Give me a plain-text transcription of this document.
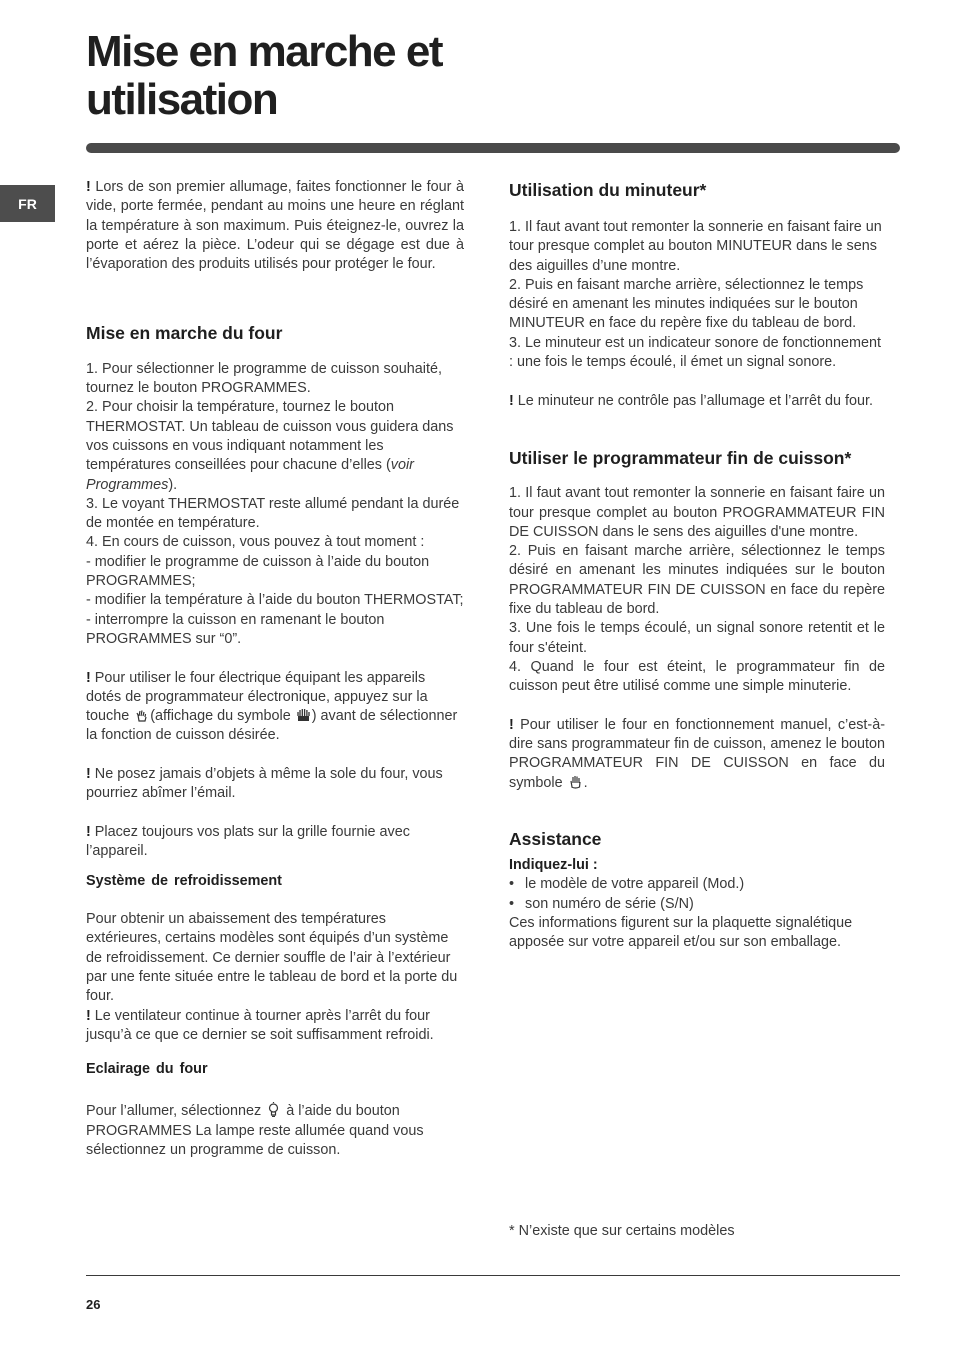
Mise en marche et
utilisation
FR

! Lors de son premier allumage, faites fonctionner le four à vide, porte fermée, pendant au moins une heure en réglant la température à son maximum. Puis éteignez-le, ouvrez la porte et aérez la pièce. L’odeur qui se dégage est due à l’évaporation des produits utilisés pour protéger le four.

Mise en marche du four

1. Pour sélectionner le programme de cuisson souhaité, tournez le bouton PROGRAMMES.

2. Pour choisir la température, tournez le bouton THERMOSTAT. Un tableau de cuisson vous guidera dans vos cuissons en vous indiquant notamment les températures conseillées pour chacune d’elles (voir Programmes).

3. Le voyant THERMOSTAT reste allumé pendant la durée de montée en température.

4. En cours de cuisson, vous pouvez à tout moment :

- modifier le programme de cuisson à l’aide du bouton PROGRAMMES;

- modifier la température à l’aide du bouton THERMOSTAT;

- interrompre la cuisson en ramenant le bouton PROGRAMMES sur “0”.

! Pour utiliser le four électrique équipant les appareils dotés de programmateur électronique, appuyez sur la touche (affichage du symbole ) avant de sélectionner la fonction de cuisson désirée.

! Ne posez jamais d’objets à même la sole du four, vous pourriez abîmer l’émail.

! Placez toujours vos plats sur la grille fournie avec l’appareil.

Système de refroidissement

Pour obtenir un abaissement des températures extérieures, certains modèles sont équipés d’un système de refroidissement. Ce dernier souffle de l’air à l’extérieur par une fente située entre le tableau de bord et la porte du four.

! Le ventilateur continue à tourner après l’arrêt du four jusqu’à ce que ce dernier se soit suffisamment refroidi.

Eclairage du four

Pour l’allumer, sélectionnez à l’aide du bouton PROGRAMMES La lampe reste allumée quand vous sélectionnez un programme de cuisson.

Utilisation du minuteur*

1. Il faut avant tout remonter la sonnerie en faisant faire un tour presque complet au bouton MINUTEUR dans le sens des aiguilles d’une montre.

2. Puis en faisant marche arrière, sélectionnez le temps désiré en amenant les minutes indiquées sur le bouton MINUTEUR en face du repère fixe du tableau de bord.

3. Le minuteur est un indicateur sonore de fonctionnement : une fois le temps écoulé, il émet un signal sonore.

! Le minuteur ne contrôle pas l’allumage et l’arrêt du four.

Utiliser le programmateur fin de cuisson*

1. Il faut avant tout remonter la sonnerie en faisant faire un tour presque complet au bouton PROGRAMMATEUR FIN DE CUISSON dans le sens des aiguilles d'une montre.

2. Puis en faisant marche arrière, sélectionnez le temps désiré en amenant les minutes indiquées sur le bouton PROGRAMMATEUR FIN DE CUISSON en face du repère fixe du tableau de bord.

3. Une fois le temps écoulé, un signal sonore retentit et le four s'éteint.

4. Quand le four est éteint, le programmateur fin de cuisson peut être utilisé comme une simple minuterie.

! Pour utiliser le four en fonctionnement manuel, c’est-à-dire sans programmateur fin de cuisson, amenez le bouton PROGRAMMATEUR FIN DE CUISSON en face du symbole .

Assistance

Indiquez-lui :

• le modèle de votre appareil (Mod.)

• son numéro de série (S/N)

Ces informations figurent sur la plaquette signalétique apposée sur votre appareil et/ou sur son emballage.

* N’existe que sur certains modèles
26
